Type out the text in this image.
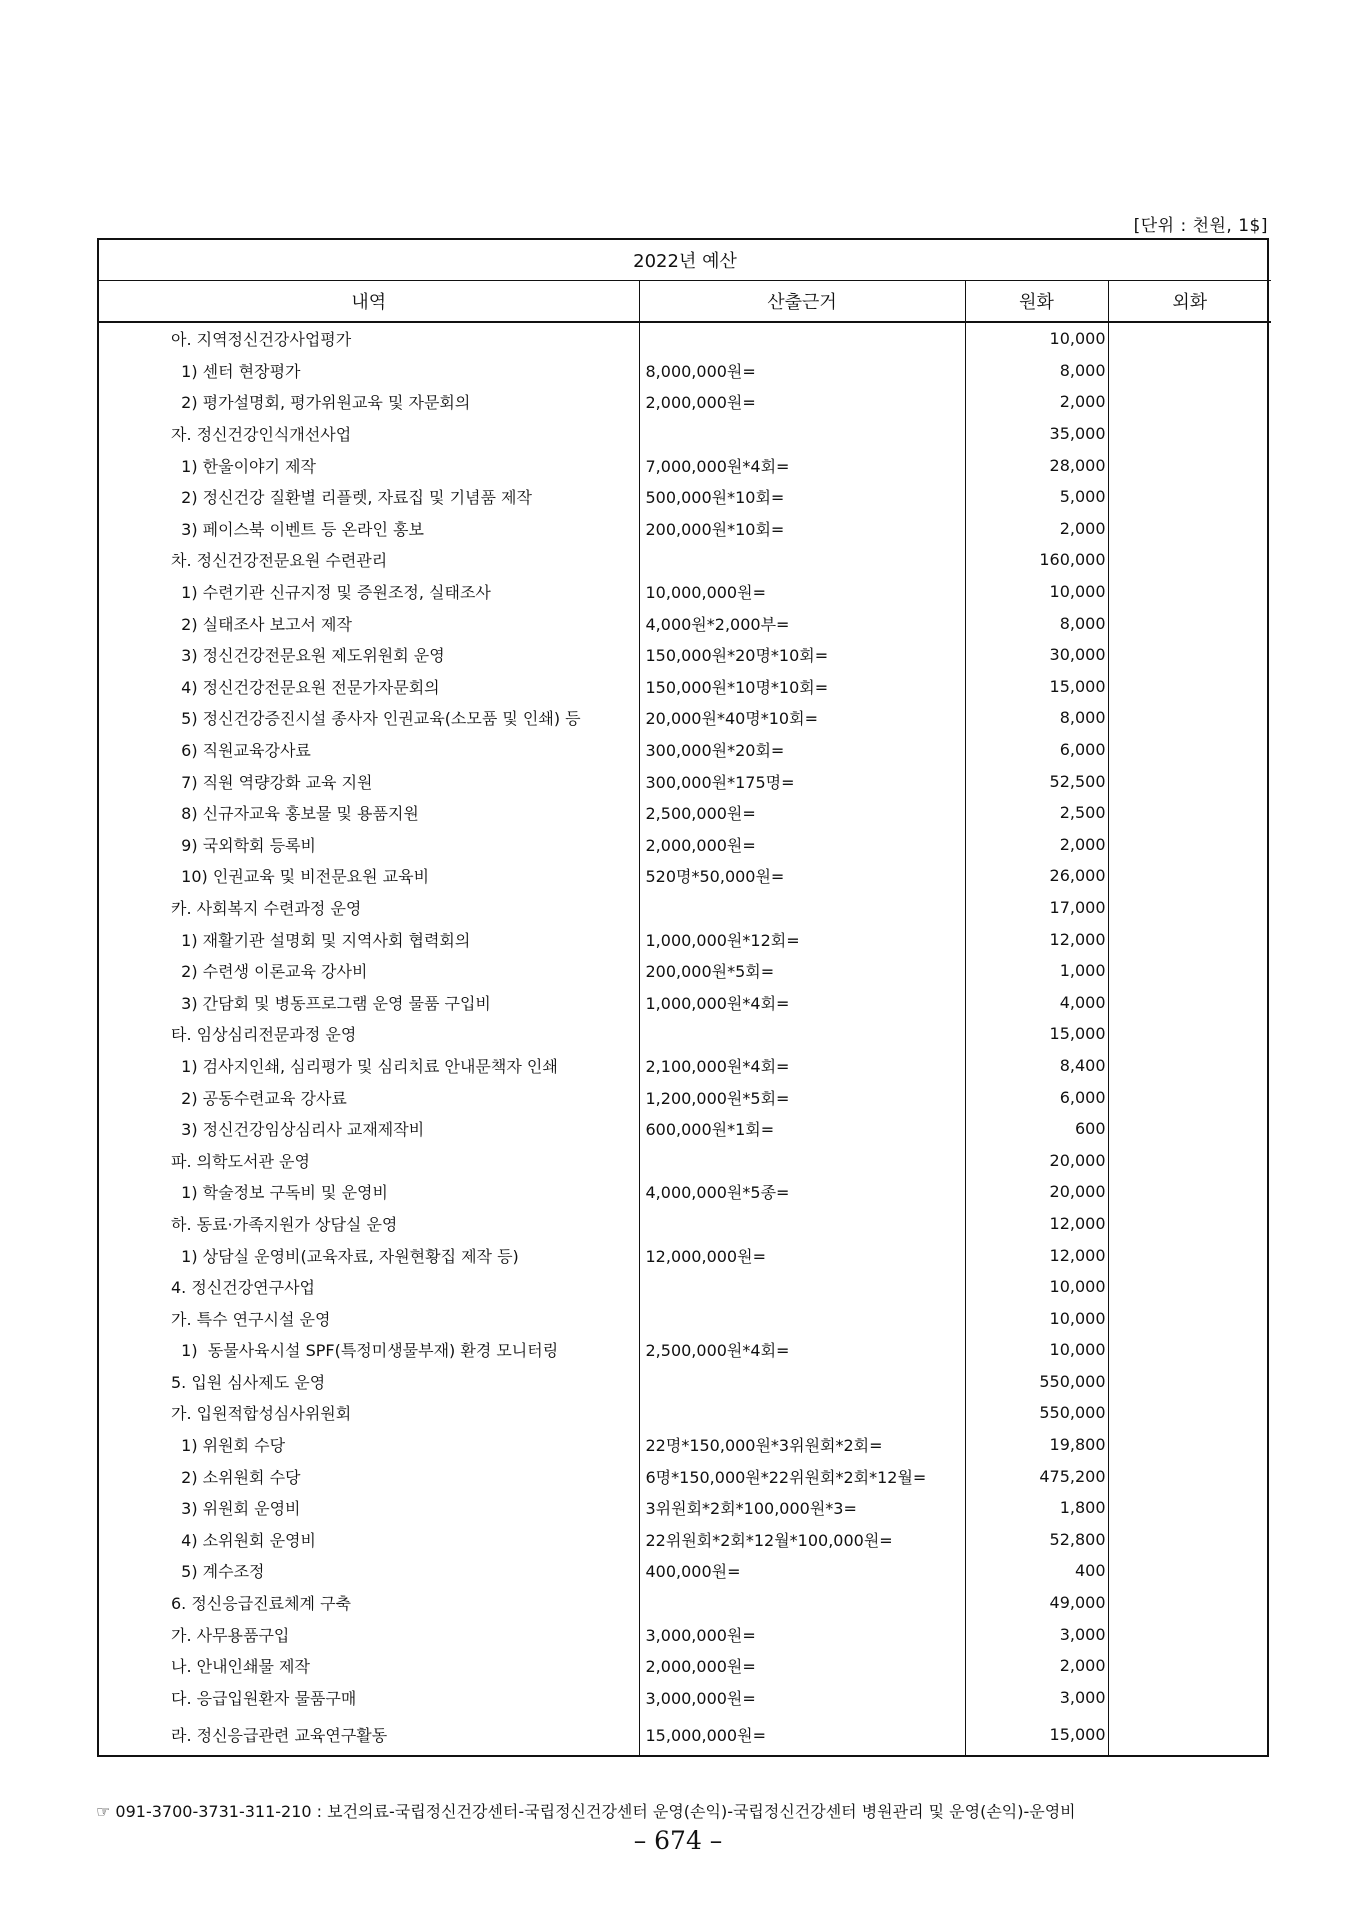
[단위 : 천원, 1$]
2022년 예산			
내역	산출근거	원화	외화
아. 지역정신건강사업평가		10,000	
1) 센터 현장평가	8,000,000원=	8,000	
2) 평가설명회, 평가위원교육 및 자문회의	2,000,000원=	2,000	
자. 정신건강인식개선사업		35,000	
1) 한울이야기 제작	7,000,000원*4회=	28,000	
2) 정신건강 질환별 리플렛, 자료집 및 기념품 제작	500,000원*10회=	5,000	
3) 페이스북 이벤트 등 온라인 홍보	200,000원*10회=	2,000	
차. 정신건강전문요원 수련관리		160,000	
1) 수련기관 신규지정 및 증원조정, 실태조사	10,000,000원=	10,000	
2) 실태조사 보고서 제작	4,000원*2,000부=	8,000	
3) 정신건강전문요원 제도위원회 운영	150,000원*20명*10회=	30,000	
4) 정신건강전문요원 전문가자문회의	150,000원*10명*10회=	15,000	
5) 정신건강증진시설 종사자 인권교육(소모품 및 인쇄) 등	20,000원*40명*10회=	8,000	
6) 직원교육강사료	300,000원*20회=	6,000	
7) 직원 역량강화 교육 지원	300,000원*175명=	52,500	
8) 신규자교육 홍보물 및 용품지원	2,500,000원=	2,500	
9) 국외학회 등록비	2,000,000원=	2,000	
10) 인권교육 및 비전문요원 교육비	520명*50,000원=	26,000	
카. 사회복지 수련과정 운영		17,000	
1) 재활기관 설명회 및 지역사회 협력회의	1,000,000원*12회=	12,000	
2) 수련생 이론교육 강사비	200,000원*5회=	1,000	
3) 간담회 및 병동프로그램 운영 물품 구입비	1,000,000원*4회=	4,000	
타. 임상심리전문과정 운영		15,000	
1) 검사지인쇄, 심리평가 및 심리치료 안내문책자 인쇄	2,100,000원*4회=	8,400	
2) 공동수련교육 강사료	1,200,000원*5회=	6,000	
3) 정신건강임상심리사 교재제작비	600,000원*1회=	600	
파. 의학도서관 운영		20,000	
1) 학술정보 구독비 및 운영비	4,000,000원*5종=	20,000	
하. 동료·가족지원가 상담실 운영		12,000	
1) 상담실 운영비(교육자료, 자원현황집 제작 등)	12,000,000원=	12,000	
4. 정신건강연구사업		10,000	
가. 특수 연구시설 운영		10,000	
1)  동물사육시설 SPF(특정미생물부재) 환경 모니터링	2,500,000원*4회=	10,000	
5. 입원 심사제도 운영		550,000	
가. 입원적합성심사위원회		550,000	
1) 위원회 수당	22명*150,000원*3위원회*2회=	19,800	
2) 소위원회 수당	6명*150,000원*22위원회*2회*12월=	475,200	
3) 위원회 운영비	3위원회*2회*100,000원*3=	1,800	
4) 소위원회 운영비	22위원회*2회*12월*100,000원=	52,800	
5) 계수조정	400,000원=	400	
6. 정신응급진료체계 구축		49,000	
가. 사무용품구입	3,000,000원=	3,000	
나. 안내인쇄물 제작	2,000,000원=	2,000	
다. 응급입원환자 물품구매	3,000,000원=	3,000	
라. 정신응급관련 교육연구활동	15,000,000원=	15,000	
☞ 091-3700-3731-311-210 : 보건의료-국립정신건강센터-국립정신건강센터 운영(손익)-국립정신건강센터 병원관리 및 운영(손익)-운영비
– 674 –
